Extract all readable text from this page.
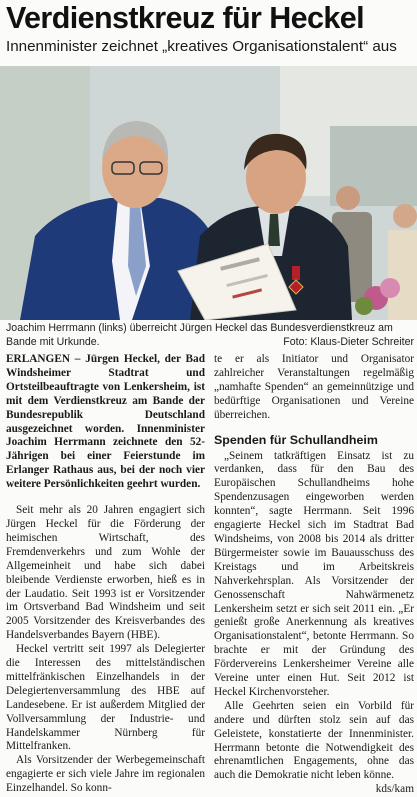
Verdienstkreuz für Heckel
Innenminister zeichnet „kreatives Organisationstalent“ aus
Joachim Herrmann (links) überreicht Jürgen Heckel das Bundesverdienstkreuz am Bande mit Urkunde.	Foto: Klaus-Dieter Schreiter

ERLANGEN – Jürgen Heckel, der Bad Windsheimer Stadtrat und Ortsteilbeauftragte von Lenkersheim, ist mit dem Verdienstkreuz am Bande der Bundesrepublik Deutschland ausgezeichnet worden. Innenminister Joachim Herrmann zeichnete den 52-Jährigen bei einer Feierstunde im Erlanger Rathaus aus, bei der noch vier weitere Persönlichkeiten geehrt wurden.

Seit mehr als 20 Jahren engagiert sich Jürgen Heckel für die Förderung der heimischen Wirtschaft, des Fremdenverkehrs und zum Wohle der Allgemeinheit und habe sich dabei bleibende Verdienste erworben, hieß es in der Laudatio. Seit 1993 ist er Vorsitzender im Ortsverband Bad Windsheim und seit 2005 Vorsitzender des Kreisverbandes des Handelsverbandes Bayern (HBE).

Heckel vertritt seit 1997 als Delegierter die Interessen des mittelständischen mittelfränkischen Einzelhandels in der Delegiertenversammlung des HBE auf Landesebene. Er ist außerdem Mitglied der Vollversammlung der Industrie- und Handelskammer Nürnberg für Mittelfranken.

Als Vorsitzender der Werbegemeinschaft engagierte er sich viele Jahre im regionalen Einzelhandel. So konn-

te er als Initiator und Organisator zahlreicher Veranstaltungen regelmäßig „namhafte Spenden“ an gemeinnützige und bedürftige Organisationen und Vereine überreichen.

Spenden für Schullandheim

„Seinem tatkräftigen Einsatz ist zu verdanken, dass für den Bau des Europäischen Schullandheims hohe Spendenzusagen eingeworben werden konnten“, sagte Herrmann. Seit 1996 engagierte Heckel sich im Stadtrat Bad Windsheims, von 2008 bis 2014 als dritter Bürgermeister sowie im Bauausschuss des Kreistags und im Arbeitskreis Nahverkehrsplan. Als Vorsitzender der Genossenschaft Nahwärmenetz Lenkersheim setzt er sich seit 2011 ein. „Er genießt große Anerkennung als kreatives Organisationstalent“, betonte Herrmann. So brachte er mit der Gründung des Fördervereins Lenkersheimer Vereine alle Vereine unter einen Hut. Seit 2012 ist Heckel Kirchenvorsteher.

Alle Geehrten seien ein Vorbild für andere und dürften stolz sein auf das Geleistete, konstatierte der Innenminister. Herrmann betonte die Notwendigkeit des ehrenamtlichen Engagements, ohne das auch die Demokratie nicht leben könne.

kds/kam
